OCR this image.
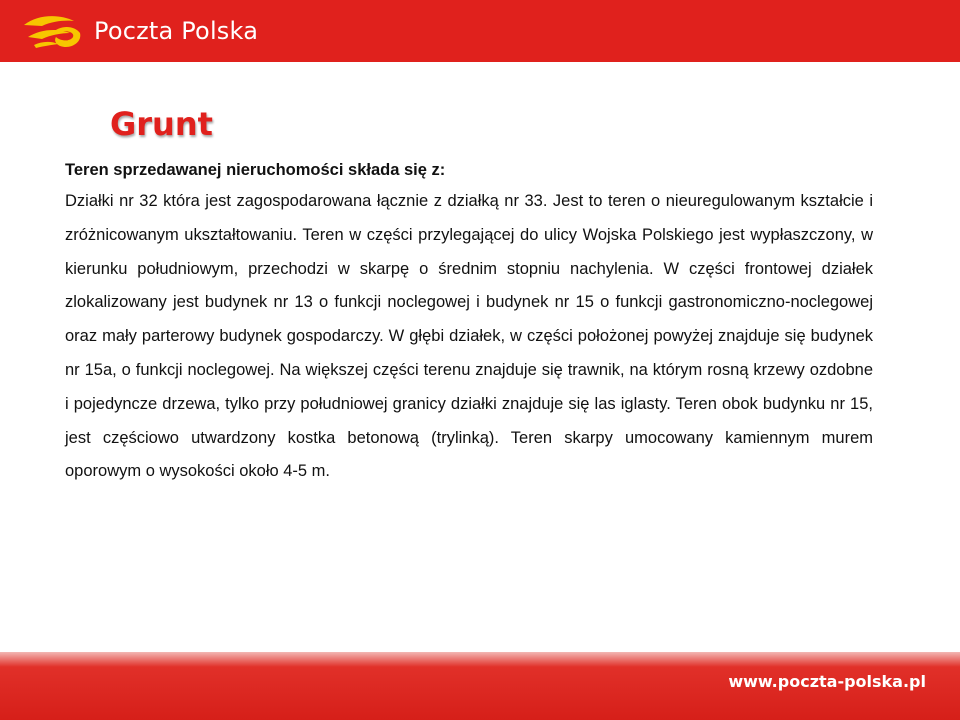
Poczta Polska
Grunt

Teren sprzedawanej nieruchomości składa się z:

Działki nr 32 która jest zagospodarowana łącznie z działką nr 33. Jest to teren o nieuregulowanym kształcie i zróżnicowanym ukształtowaniu. Teren w części przylegającej do ulicy Wojska Polskiego jest wypłaszczony, w kierunku południowym, przechodzi w skarpę o średnim stopniu nachylenia. W części frontowej działek zlokalizowany jest budynek nr 13 o funkcji noclegowej i budynek nr 15 o funkcji gastronomiczno-noclegowej oraz mały parterowy budynek gospodarczy. W głębi działek, w części położonej powyżej znajduje się budynek nr 15a, o funkcji noclegowej. Na większej części terenu znajduje się trawnik, na którym rosną krzewy ozdobne i pojedyncze drzewa, tylko przy południowej granicy działki znajduje się las iglasty. Teren obok budynku nr 15, jest częściowo utwardzony kostka betonową (trylinką). Teren skarpy umocowany kamiennym murem oporowym o wysokości około 4-5 m.

www.poczta-polska.pl
